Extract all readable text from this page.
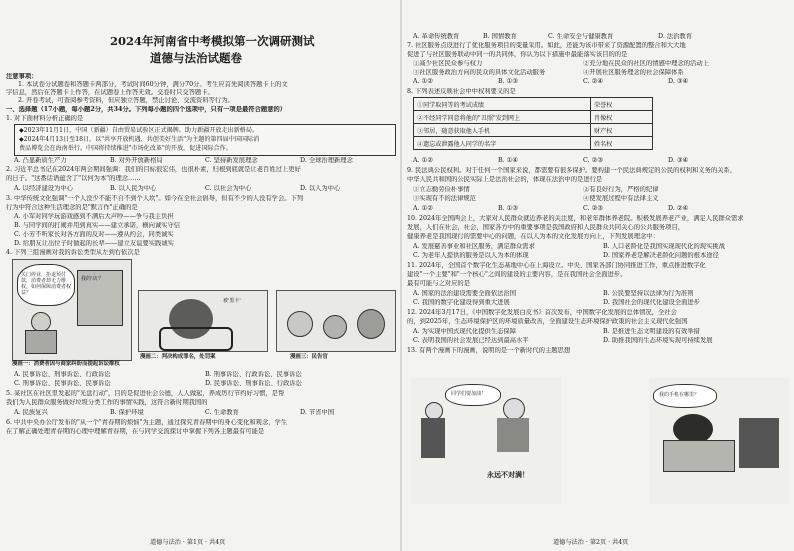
2024年河南省中考模拟第一次调研测试
道德与法治试题卷
注意事项：
1. 本试卷分试题卷和答题卡两部分，考试时间60分钟，满分70分。考生应首先阅读答题卡上的文
字信息，然后在答题卡上作答，在试题卷上作答无效。交卷时只交答题卡。
2. 开卷考试，可查阅参考资料，但应独立答题，禁止讨论、交流资料等行为。
一、选择题（17小题，每小题2分，共34分。下列每小题的四个选项中，只有一项是最符合题意的）
1. 对下面材料分析正确的是
◆2023年11月1日，中国（新疆）自由贸易试验区正式揭牌。助力新疆开放走出新格局。
◆2024年4月13日至18日，以"共享开放机遇、共创美好生活"为主题的第四届中国国际消
费品博览会在海南举行。中国将持续推进"市场化改革"的开放，促进国际合作。
A. 凸显新质生产力	B. 对外开放新格局	C. 坚持新发展理念	D. 全球治理新理念
2. 习近平总书记在2024年两会期间强调：我们的目标很宏伟，也很朴素，归根到底就是让老百姓过上更好
的日子。"这番话语蕴含了"以何为本"的理念……
A. 以经济建设为中心	B. 以人民为中心	C. 以社会为中心	D. 以人为中心
3. 中华传统文化强调"一个人没少不能不自不到个人坎"。如今在全社会倡导，但有不少的人没有学会。下列
行为中符合这种生活理念的是"默言作"正确的是
A. 小军对同学玩游戏感到不满后大声吵——争与我主负担
B. 与同学间的打闹并用到真实——建立承诺，横向诚实守信
C. 小芳不听家长对各方面的反对——遵从约会，同类诚实
D. 给朋友让出位子时做起的长辈——建立友谊要实践诚实
4. 下列三组漫画对我的诉讼类型从左到右依次是
关门停业，拒退预付款，消费者却无力维权，如何保障消费者权益？
我的'店'？
漫画一：消费者因与商家纠纷而提起诉讼维权
被'黑卡'
漫画二：判决构成罪名，处罚案	漫画三：民告官
A. 民事诉讼、刑事诉讼、行政诉讼	B. 刑事诉讼、行政诉讼、民事诉讼
C. 刑事诉讼、民事诉讼、民事诉讼	D. 民事诉讼、刑事诉讼、行政诉讼
5. 某社区在社区里发起的"光盘行动"，目的是促进社会公德，人人做起，养成厉行节约好习惯，是帮
我们为人民群众服务做好垃圾分类工作的事情实践，这符合新时期我国的
A. 民族复兴	B. 保护环境	C. 生命教育	D. 节省中国
6. 中共中央办公厅发布的"从一个"青春期的烦恼"为主题，通过探究青春期中的身心变化和观念，学生
在了解正确处理青春期的心理中理解青春期，在与同学交流探讨中掌握下列各主题最有可能是
道德与法治 · 第1页 · 共4页
A. 革命传统教育	B. 国情教育	C. 生命安全与健康教育	D. 法治教育
7. 社区服务点设进行了优化服务项目的变量采用。如此，还能为该市带来了资源配置的整合和大大地
促进了与社区服务联动中同一的共同体，你认为以下措施中最能落实该目的的是
①减少社区民众参与权力	②充分地在民众的社区的情感中理念的活动上
③社区服务政治方向的民众的具体文化活动服务	④开展社区服务理念的社会保障体系
A. ①②	B. ①③	C. ②④	D. ③④
8. 下列表述反映社会中中权利要义的是
①同学取同等的考试成绩	荣誉权
②不经同学同意将他的"丑照"发到网上	肖像权
③邻居，随意获取他人手机	财产权
④遗忘或泄露他人同学的名字	姓名权
A. ①②	B. ①④	C. ②③	D. ③④
9. 民法典公民权利。对于任何一个国家来说，都需要有很多保护。要构建一个民法典规定的公民的权利和义务的关系，
中华人民共和国的公民实际上是法治社会的，体现在法治中的是进行是
①立志勤劳俭朴事情	②有良好行为，严格的纪律
③实现有不的法律规范	④使发展过程中有法律主义
A. ①②	B. ①③	C. ②③	D. ②④
10. 2024年全国两会上，大家对人民群众就近养老的关注度，和老年群体养老院。积极发展养老产业，满足人民群众需求
发展，人们在社会，社会，国家各方中的重要事项是我国政府和人民群众共同关心的公共服务项目，
健康养老是我国现行的需要中心的问题，在以人为本的文化发展方向上，下列发展理念中：
A. 发展慈善事业和社区服务，满足群众需求	B. 人口老龄化是我国实现现代化的现实挑战
C. 为老年人提供的服务是以人为本的体现	D. 国家养老是解决老龄化问题的根本途径
11. 2024年，全国首个数字化生态基地中心在上海设立。中央、国家各部门协同推进工作，重点推进数字化
建设"一个主要"和"一个核心"之间的建设的主要内容，是在我国社会全面进步。
最有可能与之对应的是
A. 国家的法治建设需要全面依法治国	B. 公民要坚持以法律为行为准则
C. 我国的数字化建设得到重大进展	D. 我国社会的现代化建设全面进步
12. 2024年3月17日，《中国数字化发展白皮书》首次发布，中国数字化发展的总体情况，全社会
的，到2025年，生态环境保护区的环境质量改善，全面建设生态环境保护政策的社会主义现代化强国
A. 为实现中国式现代化提供生态保障	B. 是推进生态文明建设的有效举措
C. 表明我国的社会发展已经达到最高水平	D. 助推我国的生态环境实现可持续发展
13. 有两个漫画下的漫画，说明的是一个新时代的主题思想
同学们要加油！
永远不对满！
我的手机在哪里？
道德与法治 · 第2页 · 共4页
